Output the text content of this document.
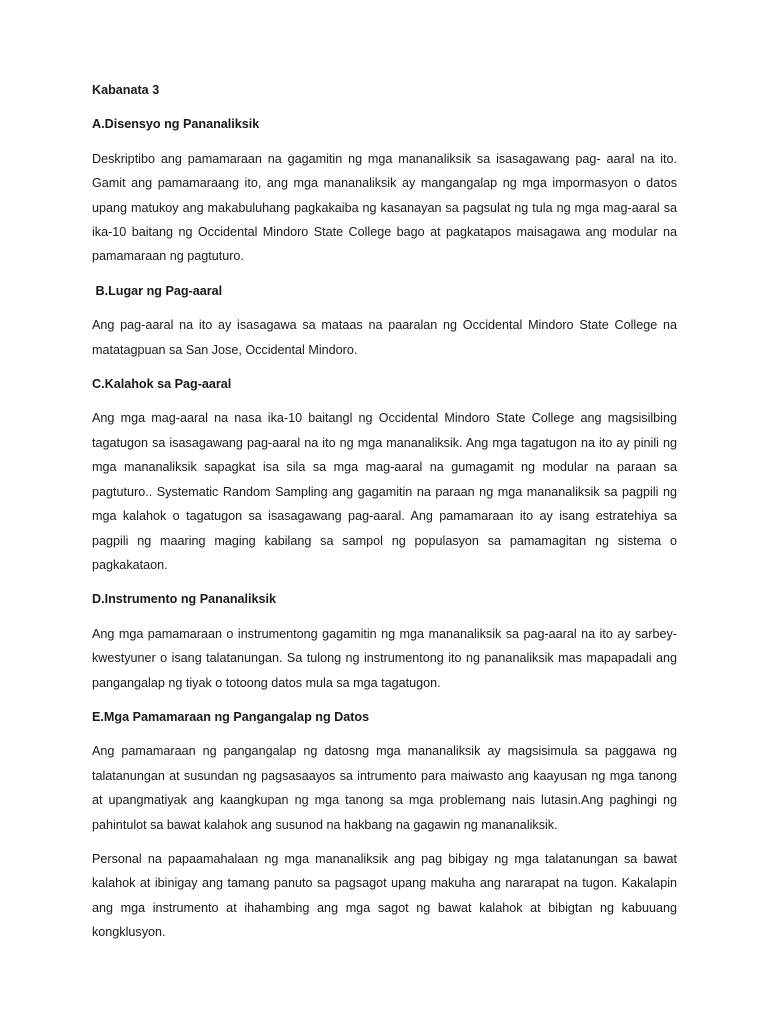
Kabanata 3

A.Disensyo ng Pananaliksik

Deskriptibo ang pamamaraan na gagamitin ng mga mananaliksik sa isasagawang pag- aaral na ito. Gamit ang pamamaraang ito, ang mga mananaliksik ay mangangalap ng mga impormasyon o datos upang matukoy ang makabuluhang pagkakaiba ng kasanayan sa pagsulat ng tula ng mga mag-aaral sa ika-10 baitang ng Occidental Mindoro State College bago at pagkatapos maisagawa ang modular na pamamaraan ng pagtuturo.

B.Lugar ng Pag-aaral

Ang pag-aaral na ito ay isasagawa sa mataas na paaralan ng Occidental Mindoro State College na matatagpuan sa San Jose, Occidental Mindoro.

C.Kalahok sa Pag-aaral

Ang mga mag-aaral na nasa ika-10 baitangl ng Occidental Mindoro State College ang magsisilbing tagatugon sa isasagawang pag-aaral na ito ng mga mananaliksik. Ang mga tagatugon na ito ay pinili ng mga mananaliksik sapagkat isa sila sa mga mag-aaral na gumagamit ng modular na paraan sa pagtuturo.. Systematic Random Sampling ang gagamitin na paraan ng mga mananaliksik sa pagpili ng mga kalahok o tagatugon sa isasagawang pag-aaral. Ang pamamaraan ito ay isang estratehiya sa pagpili ng maaring maging kabilang sa sampol ng populasyon sa pamamagitan ng sistema o pagkakataon.

D.Instrumento ng Pananaliksik

Ang mga pamamaraan o instrumentong gagamitin ng mga mananaliksik sa pag-aaral na ito ay sarbey-kwestyuner o isang talatanungan. Sa tulong ng instrumentong ito ng pananaliksik mas mapapadali ang pangangalap ng tiyak o totoong datos mula sa mga tagatugon.

E.Mga Pamamaraan ng Pangangalap ng Datos

Ang pamamaraan ng pangangalap ng datosng mga mananaliksik ay magsisimula sa paggawa ng talatanungan at susundan ng pagsasaayos sa intrumento para maiwasto ang kaayusan ng mga tanong at upangmatiyak ang kaangkupan ng mga tanong sa mga problemang nais lutasin.Ang paghingi ng pahintulot sa bawat kalahok ang susunod na hakbang na gagawin ng mananaliksik.

Personal na papaamahalaan ng mga mananaliksik ang pag bibigay ng mga talatanungan sa bawat kalahok at ibinigay ang tamang panuto sa pagsagot upang makuha ang nararapat na tugon. Kakalapin ang mga instrumento at ihahambing ang mga sagot ng bawat kalahok at bibigtan ng kabuuang kongklusyon.
